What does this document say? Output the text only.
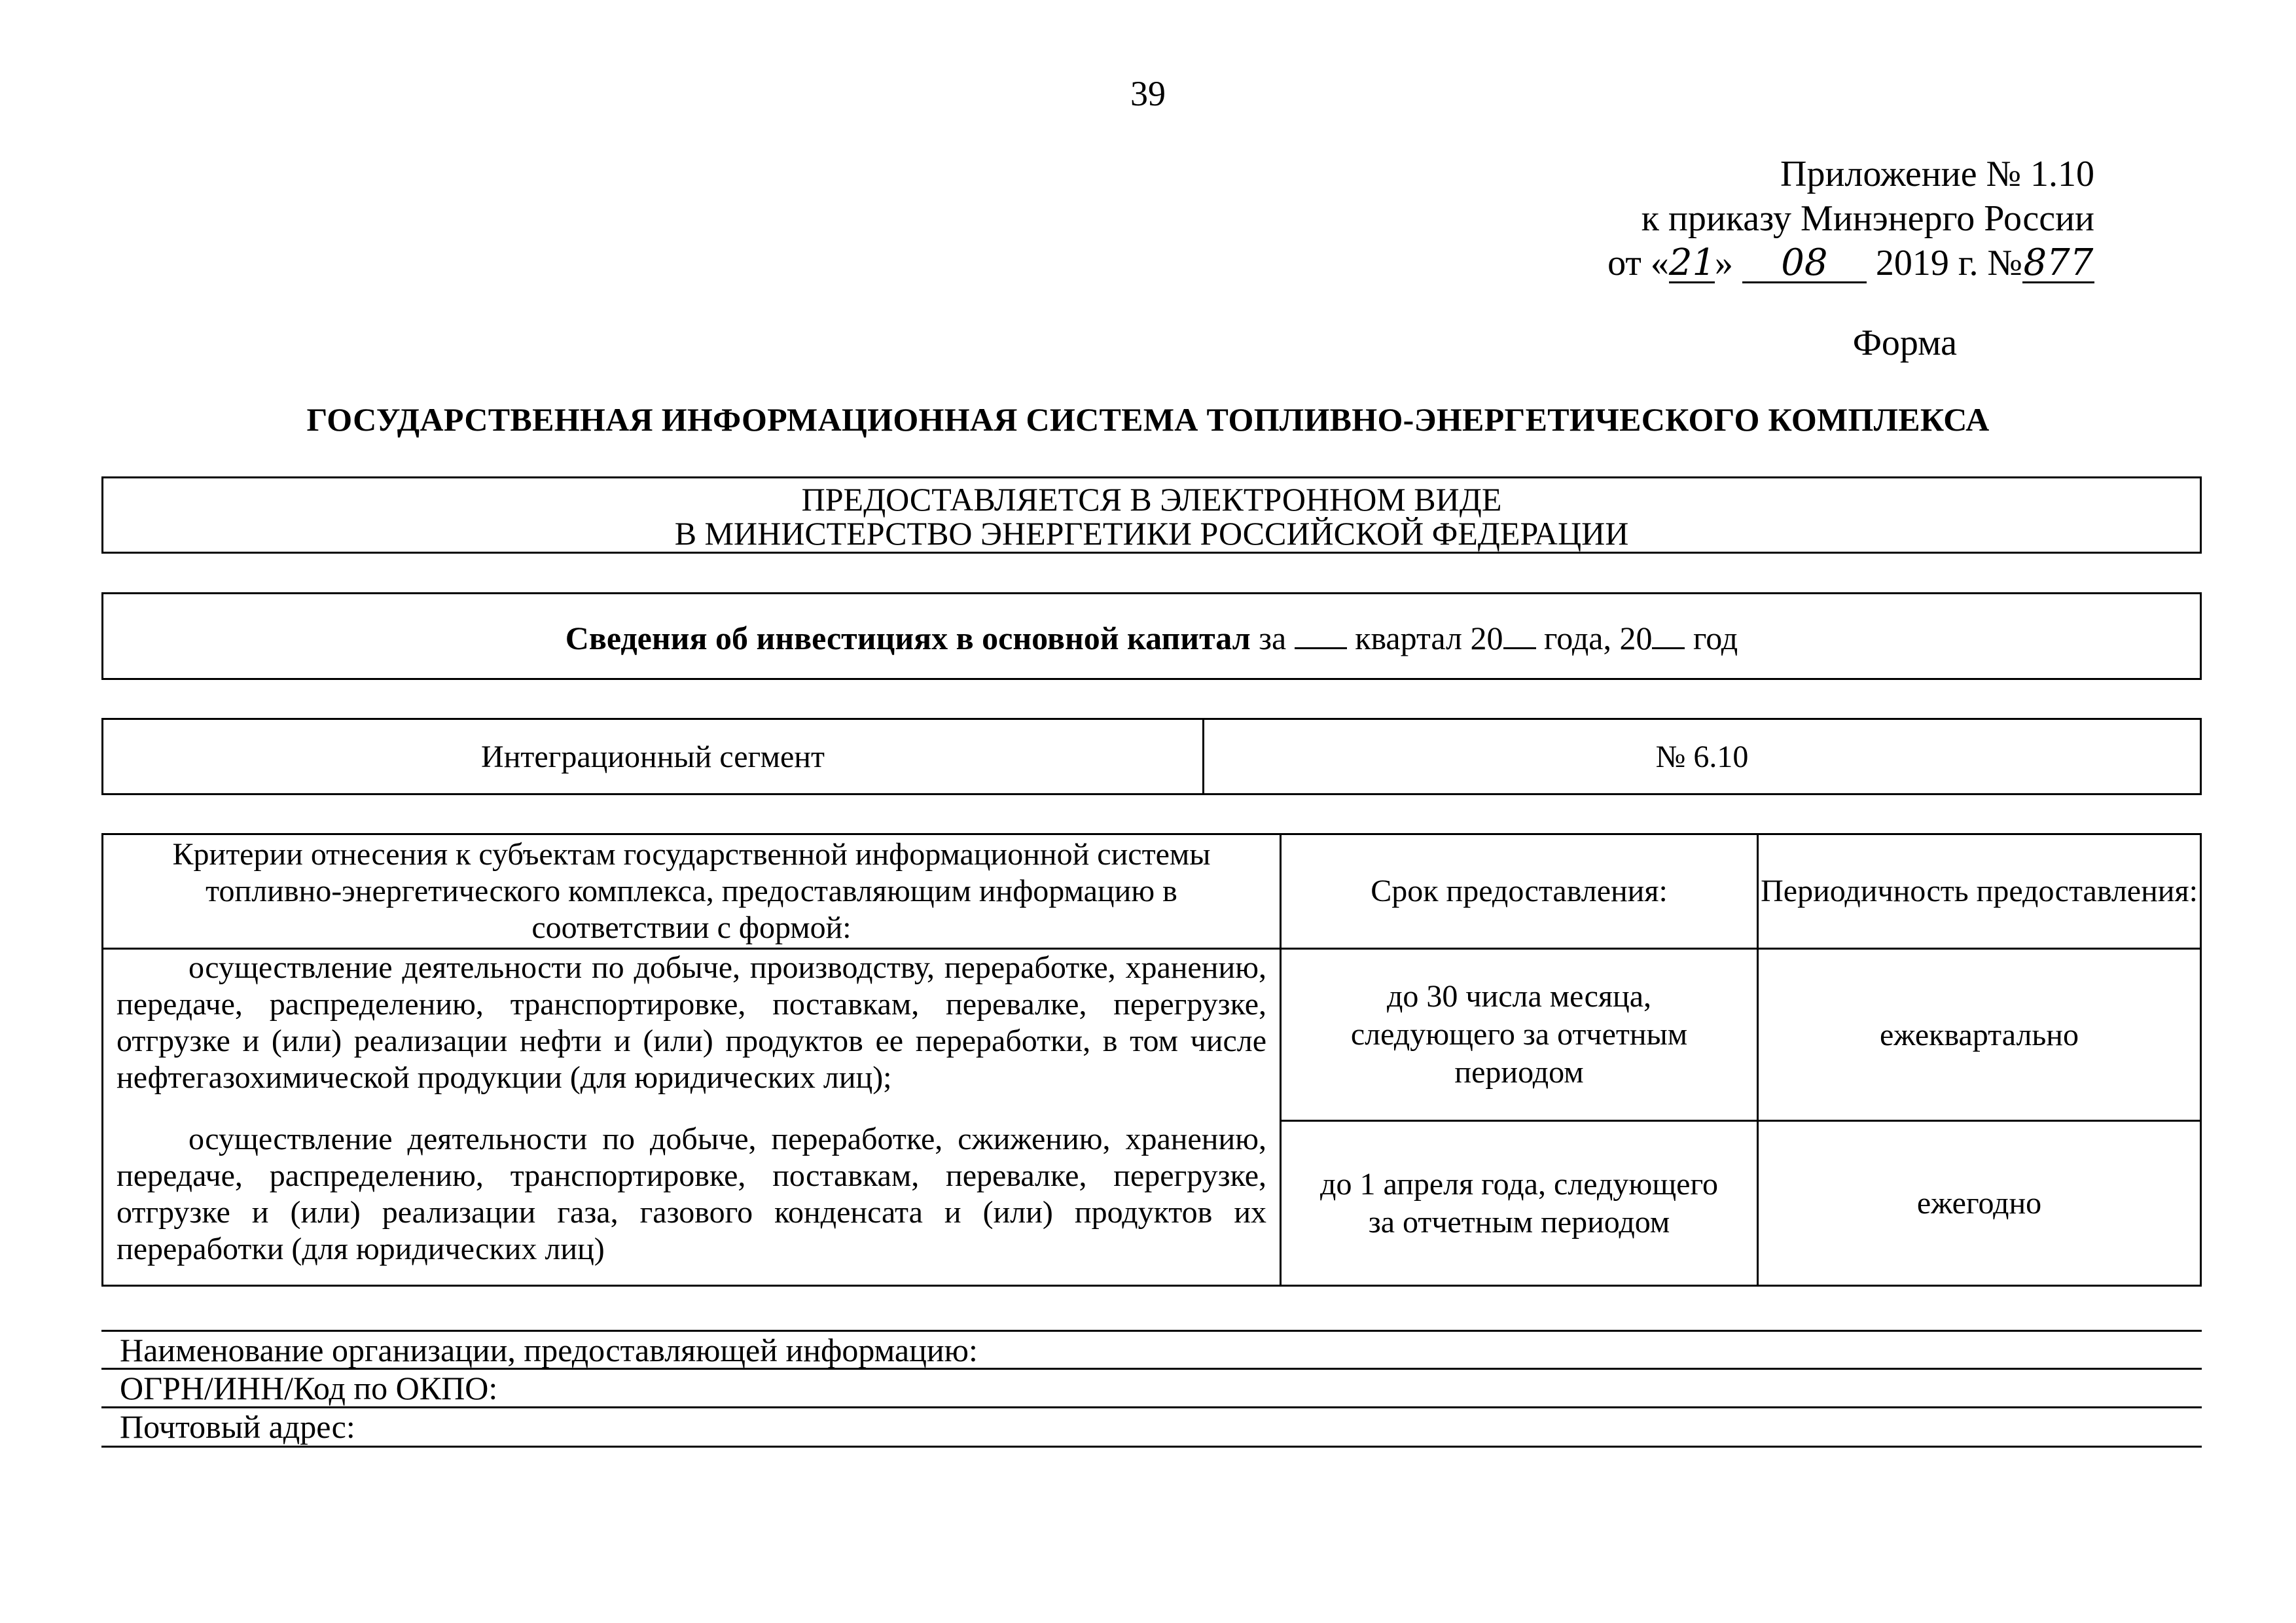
39
Приложение № 1.10
к приказу Минэнерго России
от «21» 08 2019 г. №877
Форма
ГОСУДАРСТВЕННАЯ ИНФОРМАЦИОННАЯ СИСТЕМА ТОПЛИВНО-ЭНЕРГЕТИЧЕСКОГО КОМПЛЕКСА
ПРЕДОСТАВЛЯЕТСЯ В ЭЛЕКТРОННОМ ВИДЕ
В МИНИСТЕРСТВО ЭНЕРГЕТИКИ РОССИЙСКОЙ ФЕДЕРАЦИИ
Сведения об инвестициях в основной капитал за квартал 20 года, 20 год
Интеграционный сегмент	№ 6.10
Критерии отнесения к субъектам государственной информационной системы топливно-энергетического комплекса, предоставляющим информацию в соответствии с формой:	Срок предоставления:	Периодичность предоставления:

осуществление деятельности по добыче, производству, переработке, хранению, передаче, распределению, транспортировке, поставкам, перевалке, перегрузке, отгрузке и (или) реализации нефти и (или) продуктов ее переработки, в том числе нефтегазохимической продукции (для юридических лиц);	до 30 числа месяца, следующего за отчетным периодом	ежеквартально

осуществление деятельности по добыче, переработке, сжижению, хранению, передаче, распределению, транспортировке, поставкам, перевалке, перегрузке, отгрузке и (или) реализации газа, газового конденсата и (или) продуктов их переработки (для юридических лиц)	до 1 апреля года, следующего за отчетным периодом	ежегодно
Наименование организации, предоставляющей информацию:
ОГРН/ИНН/Код по ОКПО:
Почтовый адрес:
